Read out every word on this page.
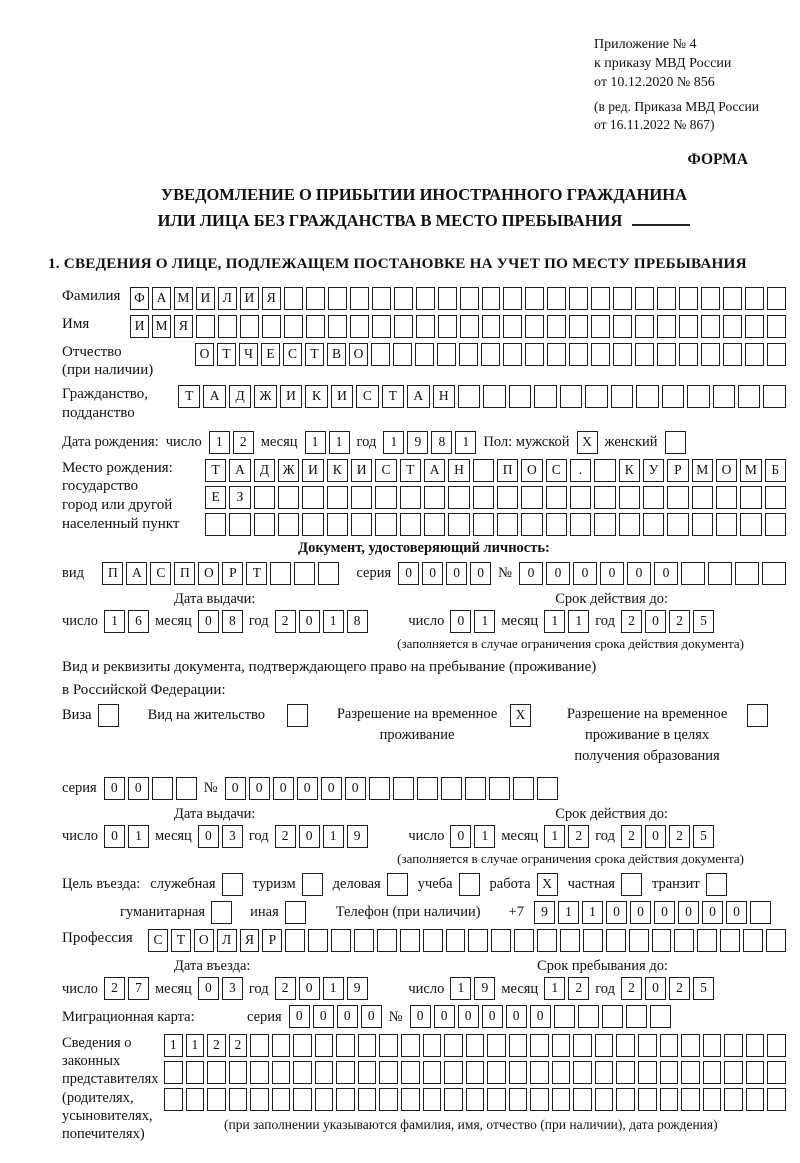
Приложение № 4
к приказу МВД России
от 10.12.2020 № 856
(в ред. Приказа МВД России
от 16.11.2022 № 867)
ФОРМА
УВЕДОМЛЕНИЕ О ПРИБЫТИИ ИНОСТРАННОГО ГРАЖДАНИНА
ИЛИ ЛИЦА БЕЗ ГРАЖДАНСТВА В МЕСТО ПРЕБЫВАНИЯ
1. СВЕДЕНИЯ О ЛИЦЕ, ПОДЛЕЖАЩЕМ ПОСТАНОВКЕ НА УЧЕТ ПО МЕСТУ ПРЕБЫВАНИЯ
Фамилия	Ф А М И Л И Я
Имя	И М Я
Отчество
(при наличии)
О Т Ч Е С Т В О
Гражданство,
подданство
Т	А	Д	Ж	И	К	И	С	Т	А	Н
Дата рождения: число	1	2 месяц	1	1 год	1	9	8	1 Пол: мужской X женский
Место рождения:
государство
город или другой
населенный пункт
Т	А	Д	Ж И	К	И	С	Т	А	Н	П	О	С	.	К	У	Р	М О М	Б
Е	З
Документ, удостоверяющий личность:
вид	П	А	С	П	О	Р	Т	серия	0	0	0	0 №	0	0	0	0	0	0
Дата выдачи:	Срок действия до:
число 1	6 месяц 0	8 год 2	0	1	8	число 0	1 месяц 1	1 год 2	0	2	5
(заполняется в случае ограничения срока действия документа)
Вид и реквизиты документа, подтверждающего право на пребывание (проживание)
в Российской Федерации:
Виза	Вид на жительство	Разрешение на временное проживание
X	Разрешение на временное проживание в целях получения образования
серия	0	0	№	0	0	0	0	0	0
Дата выдачи:	Срок действия до:
число 0	1 месяц 0	3 год 2	0	1	9	число 0	1 месяц 1	2 год 2	0	2	5
(заполняется в случае ограничения срока действия документа)
Цель въезда: служебная	туризм	деловая	учеба	работа X	частная	транзит
гуманитарная	иная	Телефон (при наличии) +7	9	1	1	0	0	0	0	0	0
Профессия	С	Т	О Л	Я	Р
Дата въезда:	Срок пребывания до:
число 2	7 месяц 0	3 год 2	0	1	9	число 1	9 месяц 1	2 год 2	0	2	5
Миграционная карта:	серия	0	0	0	0 №	0	0	0	0	0	0
Сведения о
законных
представителях
(родителях,
усыновителях,
попечителях)
1	1	2	2
(при заполнении указываются фамилия, имя, отчество (при наличии), дата рождения)
